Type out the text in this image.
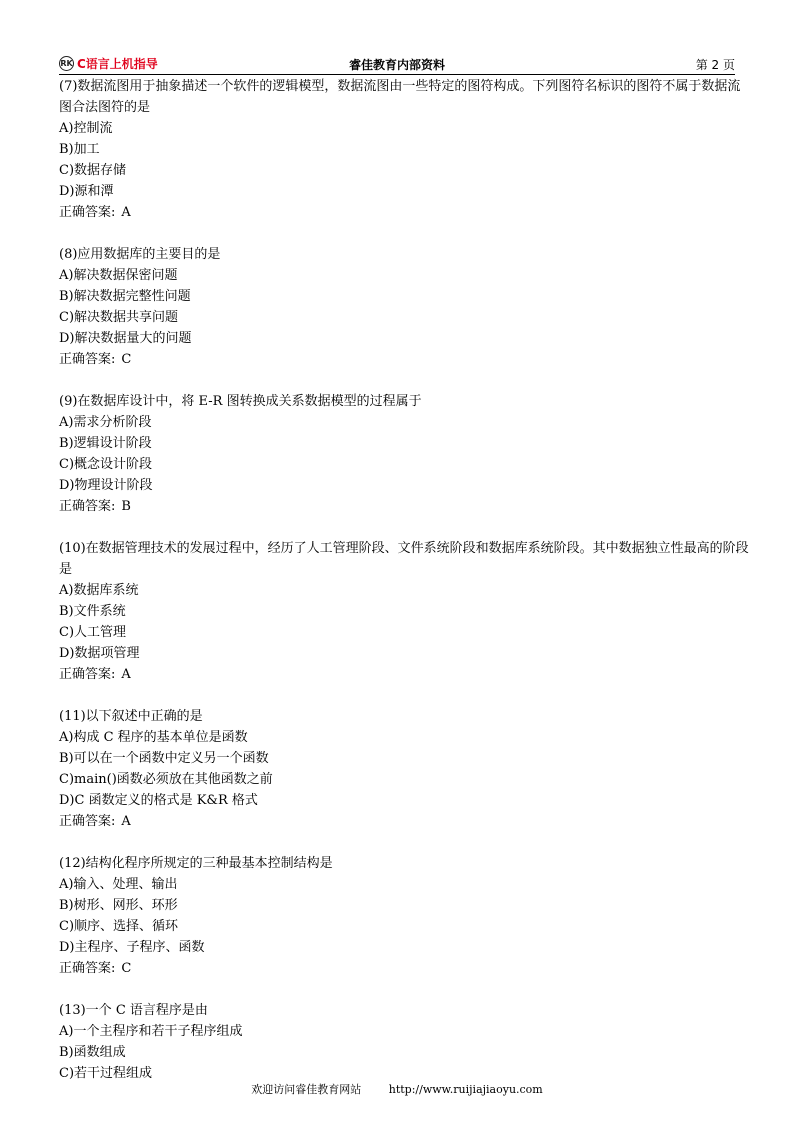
RK C语言上机指导	睿佳教育内部资料	第 2 页
(7)数据流图用于抽象描述一个软件的逻辑模型，数据流图由一些特定的图符构成。下列图符名标识的图符不属于数据流图合法图符的是
A)控制流
B)加工
C)数据存储
D)源和潭
正确答案: A
(8)应用数据库的主要目的是
A)解决数据保密问题
B)解决数据完整性问题
C)解决数据共享问题
D)解决数据量大的问题
正确答案: C
(9)在数据库设计中，将 E-R 图转换成关系数据模型的过程属于
A)需求分析阶段
B)逻辑设计阶段
C)概念设计阶段
D)物理设计阶段
正确答案: B
(10)在数据管理技术的发展过程中，经历了人工管理阶段、文件系统阶段和数据库系统阶段。其中数据独立性最高的阶段是
A)数据库系统
B)文件系统
C)人工管理
D)数据项管理
正确答案: A
(11)以下叙述中正确的是
A)构成 C 程序的基本单位是函数
B)可以在一个函数中定义另一个函数
C)main()函数必须放在其他函数之前
D)C 函数定义的格式是 K&R 格式
正确答案: A
(12)结构化程序所规定的三种最基本控制结构是
A)输入、处理、输出
B)树形、网形、环形
C)顺序、选择、循环
D)主程序、子程序、函数
正确答案: C
(13)一个 C 语言程序是由
A)一个主程序和若干子程序组成
B)函数组成
C)若干过程组成
欢迎访问睿佳教育网站	http://www.ruijiajiaoyu.com
